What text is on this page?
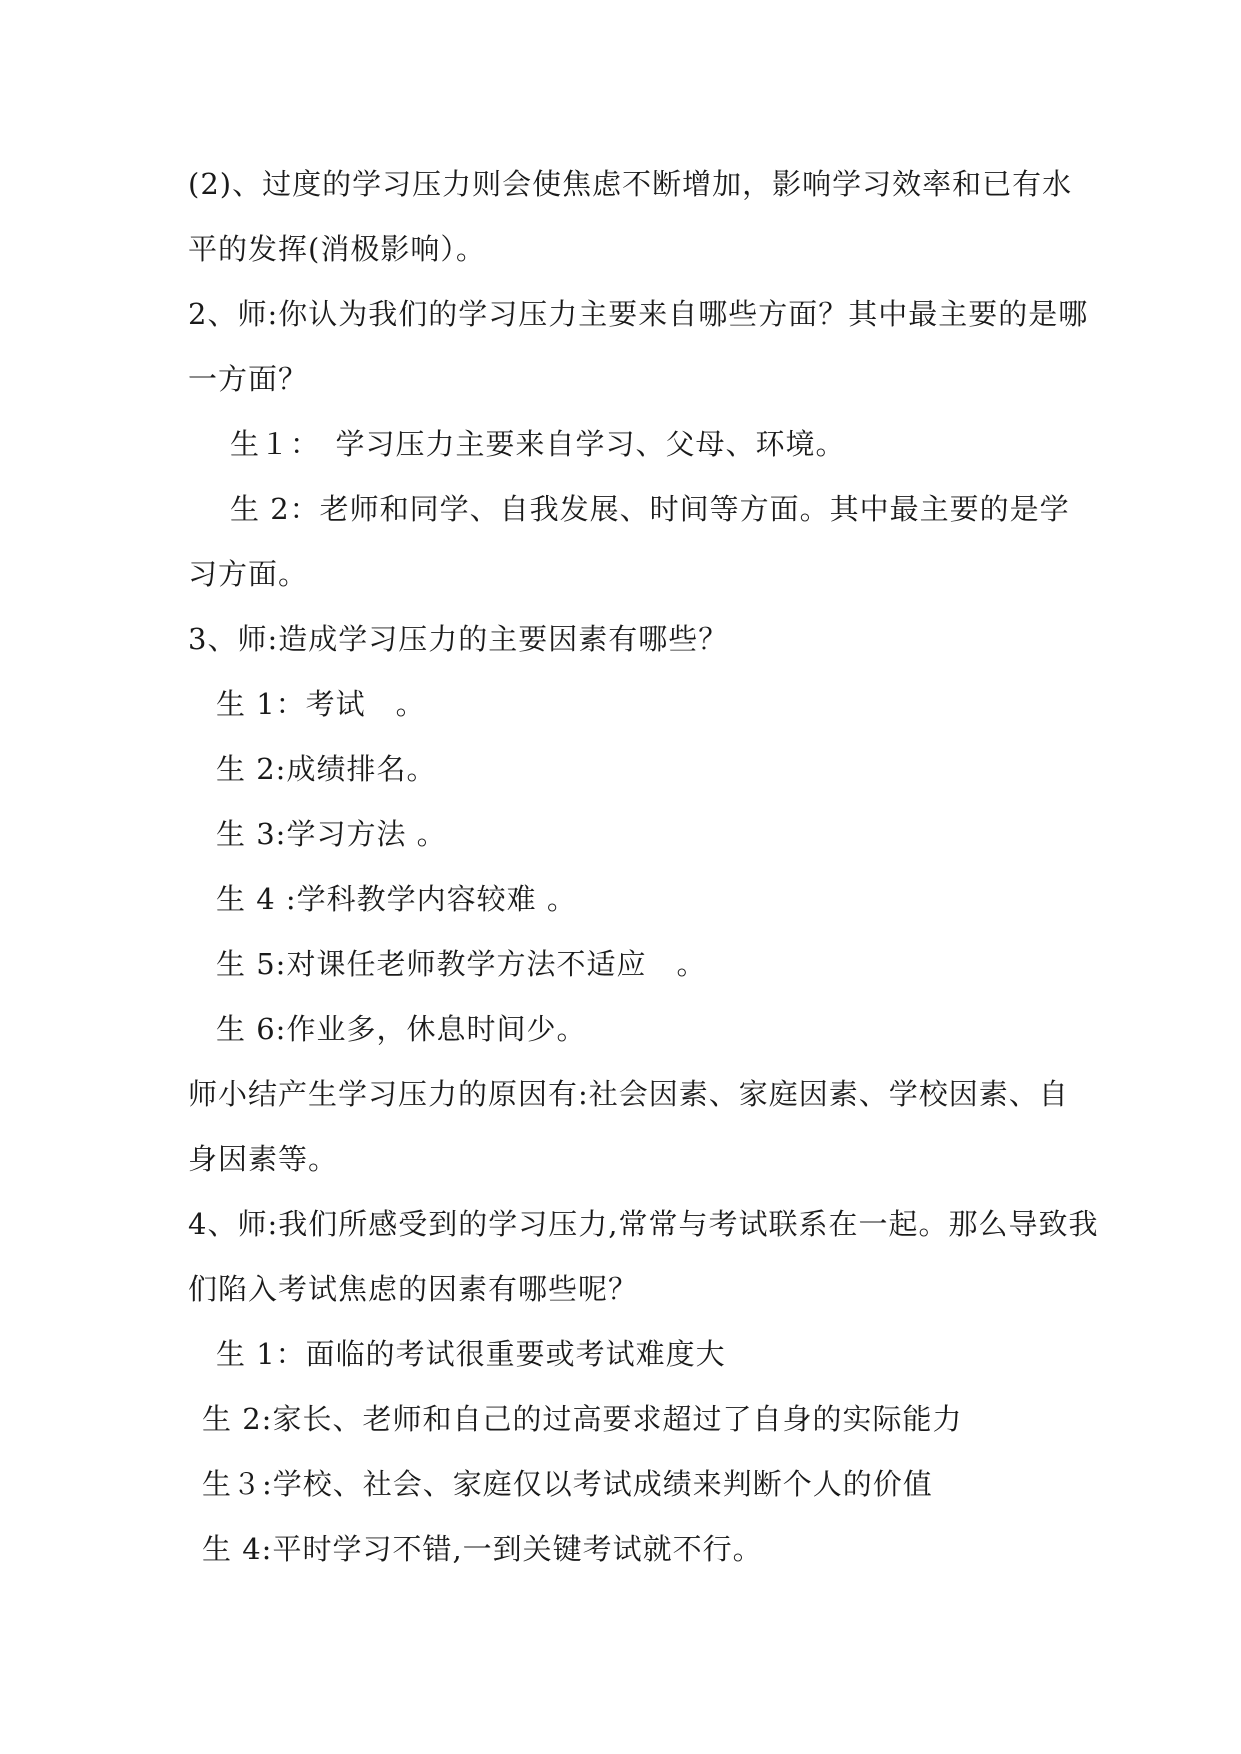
(2)、过度的学习压力则会使焦虑不断增加，影响学习效率和已有水
平的发挥(消极影响）。
2、师:你认为我们的学习压力主要来自哪些方面？其中最主要的是哪
一方面？
生１：　学习压力主要来自学习、父母、环境。
生 2：老师和同学、自我发展、时间等方面。其中最主要的是学
习方面。
3、师:造成学习压力的主要因素有哪些？
生 1：考试　。
生 2:成绩排名。
生 3:学习方法 。
生 4 :学科教学内容较难 。
生 5:对课任老师教学方法不适应　。
生 6:作业多，休息时间少。
师小结产生学习压力的原因有:社会因素、家庭因素、学校因素、自
身因素等。
4、师:我们所感受到的学习压力,常常与考试联系在一起。那么导致我
们陷入考试焦虑的因素有哪些呢？
生 1：面临的考试很重要或考试难度大
生 2:家长、老师和自己的过高要求超过了自身的实际能力
生３:学校、社会、家庭仅以考试成绩来判断个人的价值
生 4:平时学习不错,一到关键考试就不行。
